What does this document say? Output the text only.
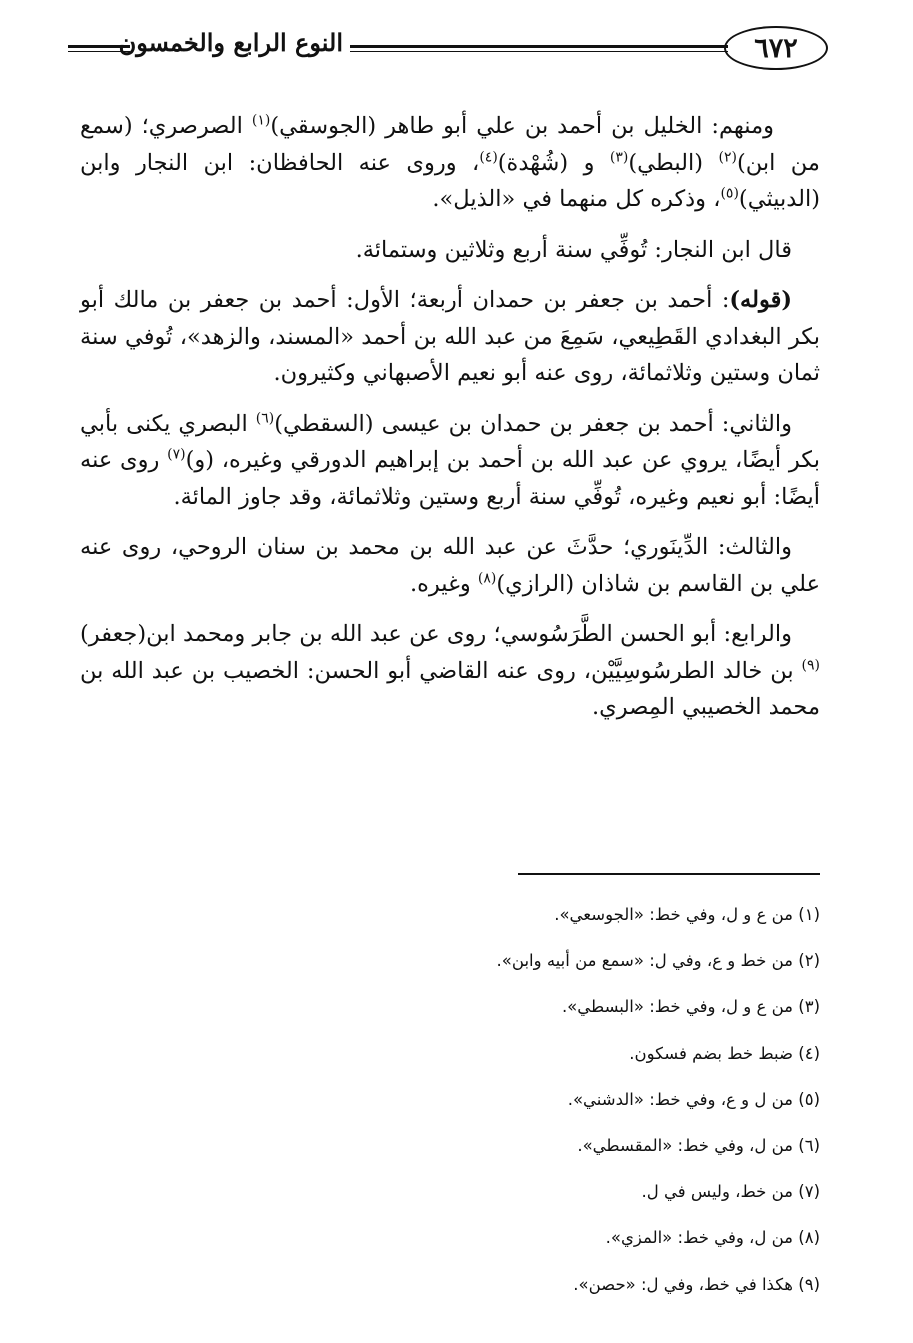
النوع الرابع والخمسون	٦٧٢

ومنهم: الخليل بن أحمد بن علي أبو طاهر (الجوسقي)$^{(١)}$ الصرصري؛ (سمع من ابن)$^{(٢)}$ (البطي)$^{(٣)}$ و (شُهْدة)$^{(٤)}$، وروى عنه الحافظان: ابن النجار وابن (الدبيثي)$^{(٥)}$، وذكره كل منهما في «الذيل».

قال ابن النجار: تُوفِّي سنة أربع وثلاثين وستمائة.

(قوله): أحمد بن جعفر بن حمدان أربعة؛ الأول: أحمد بن جعفر بن مالك أبو بكر البغدادي القَطِيعي، سَمِعَ من عبد الله بن أحمد «المسند، والزهد»، تُوفي سنة ثمان وستين وثلاثمائة، روى عنه أبو نعيم الأصبهاني وكثيرون.

والثاني: أحمد بن جعفر بن حمدان بن عيسى (السقطي)$^{(٦)}$ البصري يكنى بأبي بكر أيضًا، يروي عن عبد الله بن أحمد بن إبراهيم الدورقي وغيره، (و)$^{(٧)}$ روى عنه أيضًا: أبو نعيم وغيره، تُوفِّي سنة أربع وستين وثلاثمائة، وقد جاوز المائة.

والثالث: الدِّينَوري؛ حدَّثَ عن عبد الله بن محمد بن سنان الروحي، روى عنه علي بن القاسم بن شاذان (الرازي)$^{(٨)}$ وغيره.

والرابع: أبو الحسن الطَّرَسُوسي؛ روى عن عبد الله بن جابر ومحمد ابن(جعفر)$^{(٩)}$ بن خالد الطرسُوسِيَّيْن، روى عنه القاضي أبو الحسن: الخصيب بن عبد الله بن محمد الخصيبي المِصري.

(١) من ع و ل، وفي خط: «الجوسعي».
(٢) من خط و ع، وفي ل: «سمع من أبيه وابن».
(٣) من ع و ل، وفي خط: «البسطي».
(٤) ضبط خط بضم فسكون.
(٥) من ل و ع، وفي خط: «الدشني».
(٦) من ل، وفي خط: «المقسطي».
(٧) من خط، وليس في ل.
(٨) من ل، وفي خط: «المزي».
(٩) هكذا في خط، وفي ل: «حصن».
